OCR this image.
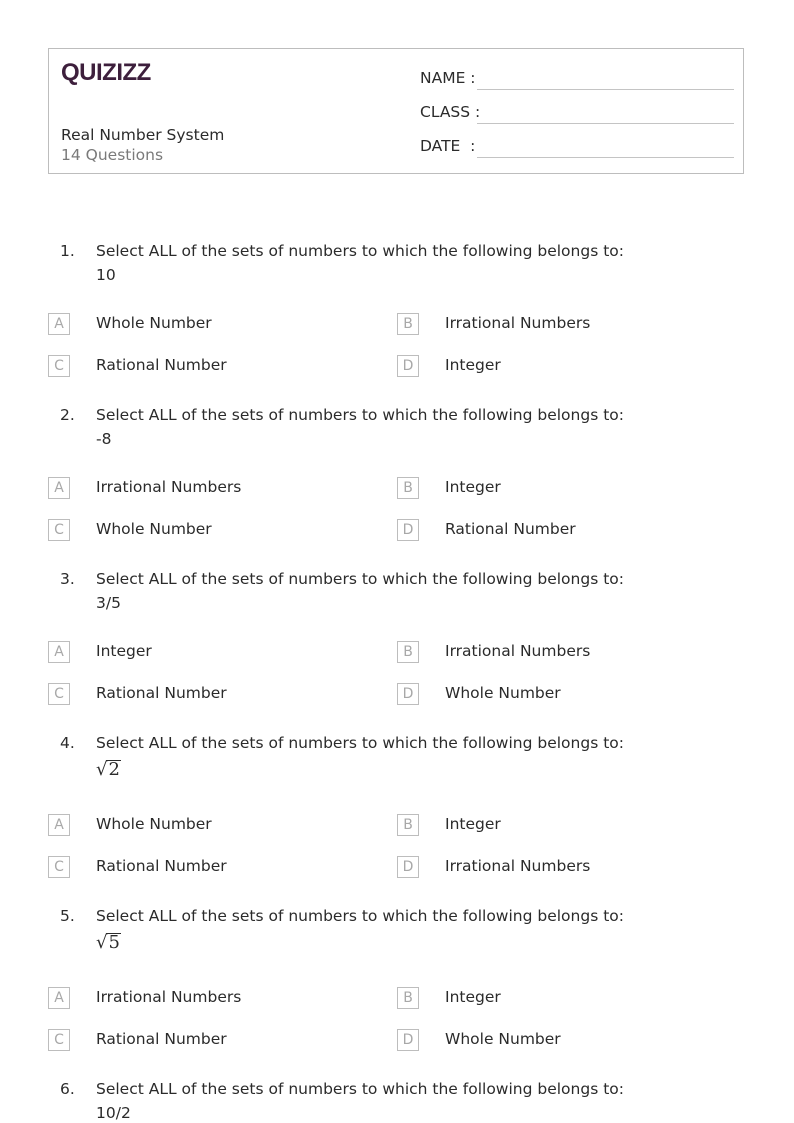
QUIZIZZ
Real Number System
14 Questions
NAME :
CLASS :
DATE  :
1. Select ALL of the sets of numbers to which the following belongs to:
10
A	Whole Number	B	Irrational Numbers
C	Rational Number	D	Integer
2. Select ALL of the sets of numbers to which the following belongs to:
-8
A	Irrational Numbers	B	Integer
C	Whole Number	D	Rational Number
3. Select ALL of the sets of numbers to which the following belongs to:
3/5
A	Integer	B	Irrational Numbers
C	Rational Number	D	Whole Number
4. Select ALL of the sets of numbers to which the following belongs to:
√2
A	Whole Number	B	Integer
C	Rational Number	D	Irrational Numbers
5. Select ALL of the sets of numbers to which the following belongs to:
√5
A	Irrational Numbers	B	Integer
C	Rational Number	D	Whole Number
6. Select ALL of the sets of numbers to which the following belongs to:
10/2
